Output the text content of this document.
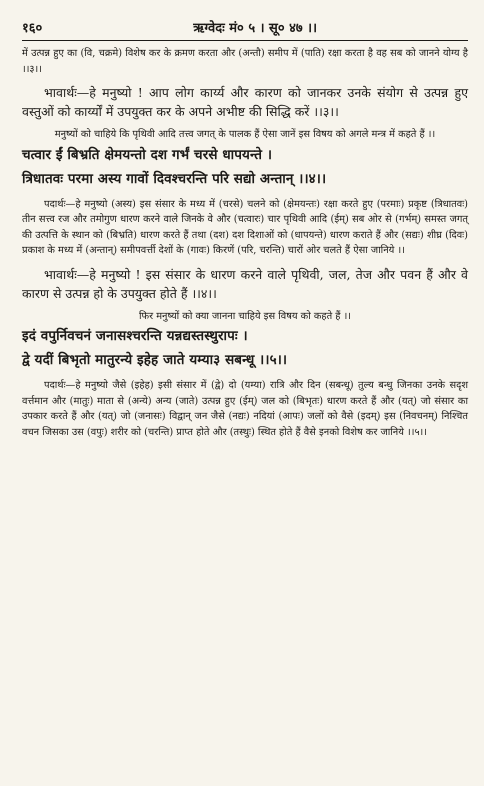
१६०	ऋग्वेदः मं० ५ । सू० ४७ ।।

में उत्पन्न हुए का (वि, चक्रमे) विशेष कर के क्रमण करता और (अन्तौ) समीप में (पाति) रक्षा करता है वह सब को जानने योग्य है ।।३।।

भावार्थः—हे मनुष्यो ! आप लोग कार्य्य और कारण को जानकर उनके संयोग से उत्पन्न हुए वस्तुओं को कार्य्यों में उपयुक्त कर के अपने अभीष्ट की सिद्धि करें ।।३।।

मनुष्यों को चाहिये कि पृथिवी आदि तत्त्व जगत् के पालक हैं ऐसा जानें इस विषय को अगले मन्त्र में कहते हैं ।।

चत्वार ईं बिभ्रति क्षेमयन्तो दश गर्भं चरसे धापयन्ते ।

त्रिधातवः परमा अस्य गावों दिवश्चरन्ति परि सद्यो अन्तान् ।।४।।

पदार्थः—हे मनुष्यो (अस्य) इस संसार के मध्य में (चरसे) चलने को (क्षेमयन्तः) रक्षा करते हुए (परमाः) प्रकृष्ट (त्रिधातवः) तीन सत्त्व रज और तमोगुण धारण करने वाले जिनके वे और (चत्वारः) चार पृथिवी आदि (ईम्) सब ओर से (गर्भम्) समस्त जगत् की उत्पत्ति के स्थान को (बिभ्रति) धारण करते हैं तथा (दश) दश दिशाओं को (धापयन्ते) धारण कराते हैं और (सद्यः) शीघ्र (दिवः) प्रकाश के मध्य में (अन्तान्) समीपवर्त्ती देशों के (गावः) किरणें (परि, चरन्ति) चारों ओर चलते हैं ऐसा जानिये ।।

भावार्थः—हे मनुष्यो ! इस संसार के धारण करने वाले पृथिवी, जल, तेज और पवन हैं और वे कारण से उत्पन्न हो के उपयुक्त होते हैं ।।४।।

फिर मनुष्यों को क्या जानना चाहिये इस विषय को कहते हैं ।।

इदं वपुर्निवचनं जनासश्चरन्ति यन्नद्यस्तस्थुरापः ।

द्वे यदीं बिभृतो मातुरन्ये इहेह जाते यम्या३ सबन्धू ।।५।।

पदार्थः—हे मनुष्यो जैसे (इहेह) इसी संसार में (द्वे) दो (यम्या) रात्रि और दिन (सबन्धू) तुल्य बन्धु जिनका उनके सदृश वर्त्तमान और (मातुः) माता से (अन्ये) अन्य (जाते) उत्पन्न हुए (ईम्) जल को (बिभृतः) धारण करते हैं और (यत्) जो संसार का उपकार करते हैं और (यत्) जो (जनासः) विद्वान् जन जैसे (नद्यः) नदियां (आपः) जलों को वैसे (इदम्) इस (निवचनम्) निश्चित वचन जिसका उस (वपुः) शरीर को (चरन्ति) प्राप्त होते और (तस्थुः) स्थित होते हैं वैसे इनको विशेष कर जानिये ।।५।।
